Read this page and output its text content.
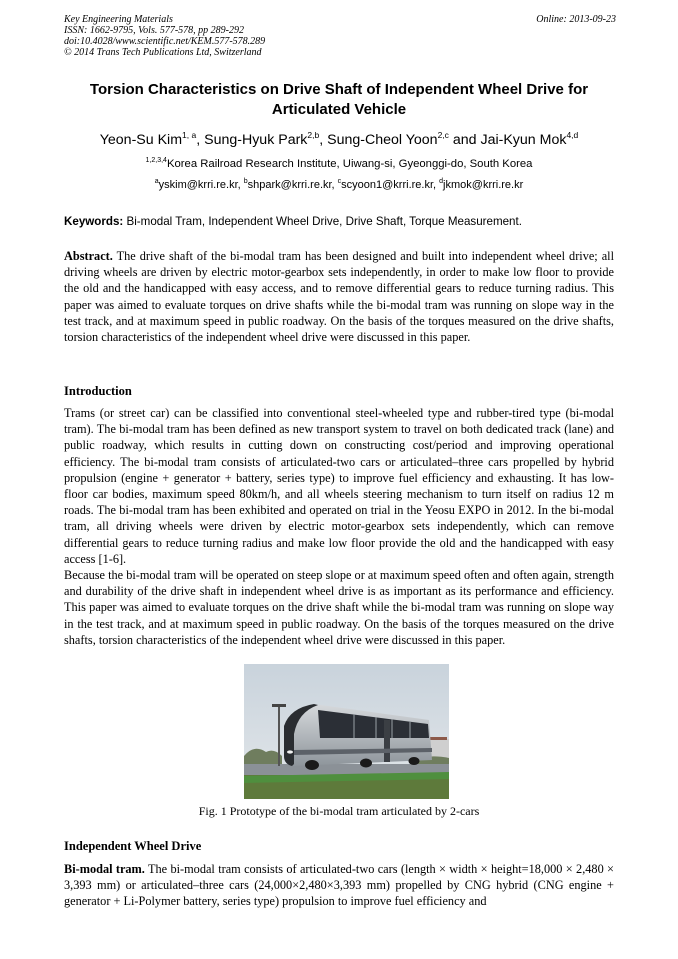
Key Engineering Materials
ISSN: 1662-9795, Vols. 577-578, pp 289-292
doi:10.4028/www.scientific.net/KEM.577-578.289
© 2014 Trans Tech Publications Ltd, Switzerland
Online: 2013-09-23
Torsion Characteristics on Drive Shaft of Independent Wheel Drive for
Articulated Vehicle
Yeon-Su Kim$^{1, a}$, Sung-Hyuk Park$^{2,b}$, Sung-Cheol Yoon$^{2,c}$ and Jai-Kyun Mok$^{4,d}$
$^{1,2,3,4}$Korea Railroad Research Institute, Uiwang-si, Gyeonggi-do, South Korea
$^a$yskim@krri.re.kr, $^b$shpark@krri.re.kr, $^c$scyoon1@krri.re.kr, $^d$jkmok@krri.re.kr
Keywords: Bi-modal Tram, Independent Wheel Drive, Drive Shaft, Torque Measurement.
Abstract. The drive shaft of the bi-modal tram has been designed and built into independent wheel drive; all driving wheels are driven by electric motor-gearbox sets independently, in order to make low floor to provide the old and the handicapped with easy access, and to remove differential gears to reduce turning radius. This paper was aimed to evaluate torques on drive shafts while the bi-modal tram was running on slope way in the test track, and at maximum speed in public roadway. On the basis of the torques measured on the drive shafts, torsion characteristics of the independent wheel drive were discussed in this paper.
Introduction
Trams (or street car) can be classified into conventional steel-wheeled type and rubber-tired type (bi-modal tram). The bi-modal tram has been defined as new transport system to travel on both dedicated track (lane) and public roadway, which results in cutting down on constructing cost/period and improving operational efficiency. The bi-modal tram consists of articulated-two cars or articulated–three cars propelled by hybrid propulsion (engine + generator + battery, series type) to improve fuel efficiency and exhausting. It has low-floor car bodies, maximum speed 80km/h, and all wheels steering mechanism to turn itself on radius 12 m roads. The bi-modal tram has been exhibited and operated on trial in the Yeosu EXPO in 2012. In the bi-modal tram, all driving wheels were driven by electric motor-gearbox sets independently, which can remove differential gears to reduce turning radius and make low floor provide the old and the handicapped with easy access [1-6].
Because the bi-modal tram will be operated on steep slope or at maximum speed often and often again, strength and durability of the drive shaft in independent wheel drive is as important as its performance and efficiency. This paper was aimed to evaluate torques on the drive shaft while the bi-modal tram was running on slope way in the test track, and at maximum speed in public roadway. On the basis of the torques measured on the drive shafts, torsion characteristics of the independent wheel drive were discussed in this paper.
Fig. 1 Prototype of the bi-modal tram articulated by 2-cars
Independent Wheel Drive
Bi-modal tram. The bi-modal tram consists of articulated-two cars (length × width × height=18,000 × 2,480 × 3,393 mm) or articulated–three cars (24,000×2,480×3,393 mm) propelled by CNG hybrid (CNG engine + generator + Li-Polymer battery, series type) propulsion to improve fuel efficiency and
